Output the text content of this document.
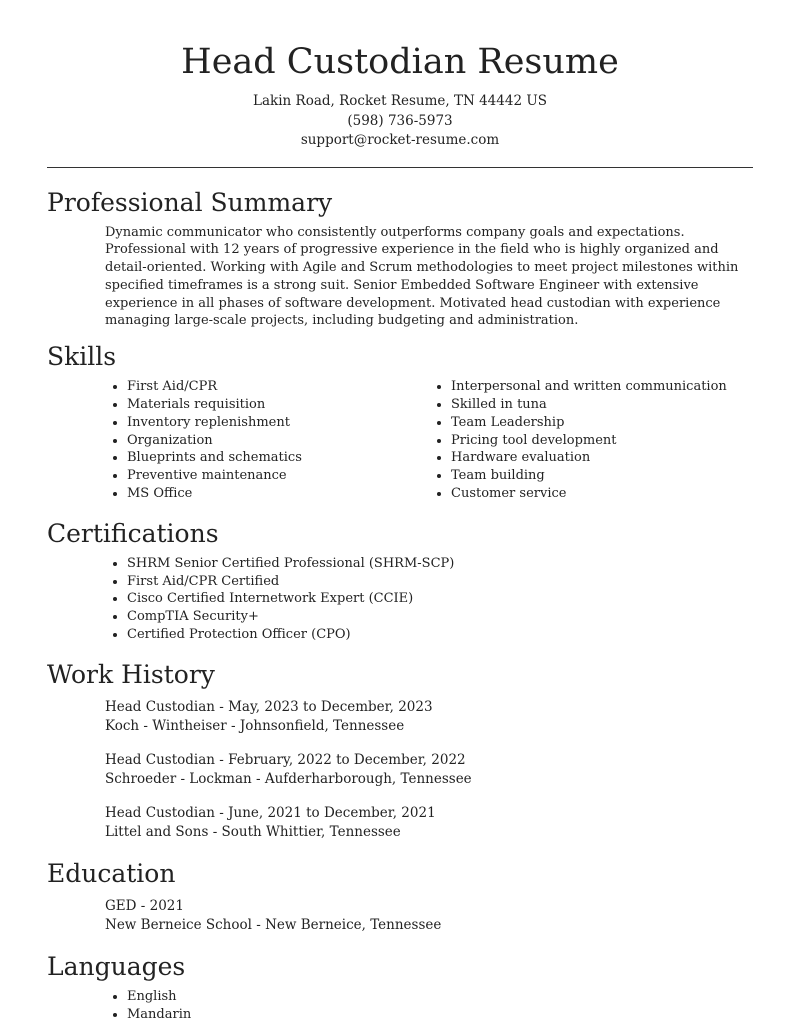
Head Custodian Resume
Lakin Road, Rocket Resume, TN 44442 US
(598) 736-5973
support@rocket-resume.com
Professional Summary

Dynamic communicator who consistently outperforms company goals and expectations. Professional with 12 years of progressive experience in the field who is highly organized and detail-oriented. Working with Agile and Scrum methodologies to meet project milestones within specified timeframes is a strong suit. Senior Embedded Software Engineer with extensive experience in all phases of software development. Motivated head custodian with experience managing large-scale projects, including budgeting and administration.

Skills
• First Aid/CPR
• Materials requisition
• Inventory replenishment
• Organization
• Blueprints and schematics
• Preventive maintenance
• MS Office
• Interpersonal and written communication
• Skilled in tuna
• Team Leadership
• Pricing tool development
• Hardware evaluation
• Team building
• Customer service
Certifications
• SHRM Senior Certified Professional (SHRM-SCP)
• First Aid/CPR Certified
• Cisco Certified Internetwork Expert (CCIE)
• CompTIA Security+
• Certified Protection Officer (CPO)
Work History
Head Custodian - May, 2023 to December, 2023
Koch - Wintheiser - Johnsonfield, Tennessee
Head Custodian - February, 2022 to December, 2022
Schroeder - Lockman - Aufderharborough, Tennessee
Head Custodian - June, 2021 to December, 2021
Littel and Sons - South Whittier, Tennessee
Education
GED - 2021
New Berneice School - New Berneice, Tennessee
Languages
• English
• Mandarin
